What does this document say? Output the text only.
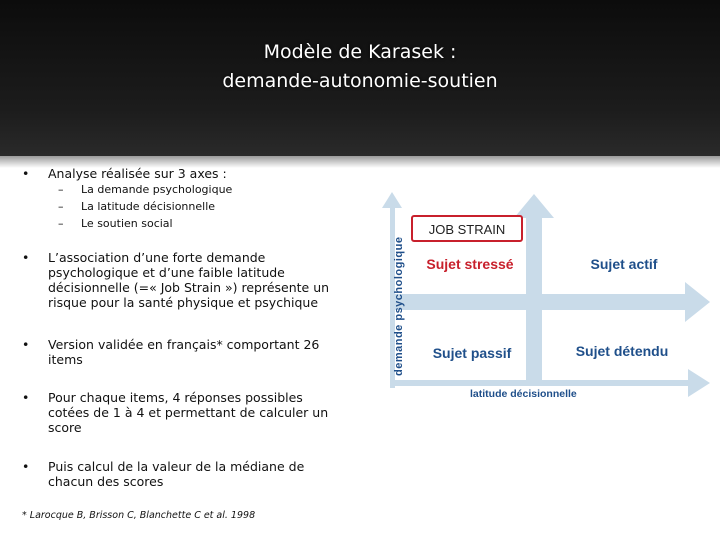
Modèle de Karasek :
demande-autonomie-soutien
• Analyse réalisée sur 3 axes :
– La demande psychologique
– La latitude décisionnelle
– Le soutien social
• L’association d’une forte demande
psychologique et d’une faible latitude
décisionnelle (=« Job Strain ») représente un
risque pour la santé physique et psychique
• Version validée en français* comportant 26
items
• Pour chaque items, 4 réponses possibles
cotées de 1 à 4 et permettant de calculer un
score
• Puis calcul de la valeur de la médiane de
chacun des scores
* Larocque B, Brisson C, Blanchette C et al. 1998
demande psychologique
latitude décisionnelle
JOB STRAIN
Sujet stressé	Sujet actif
Sujet passif	Sujet détendu
